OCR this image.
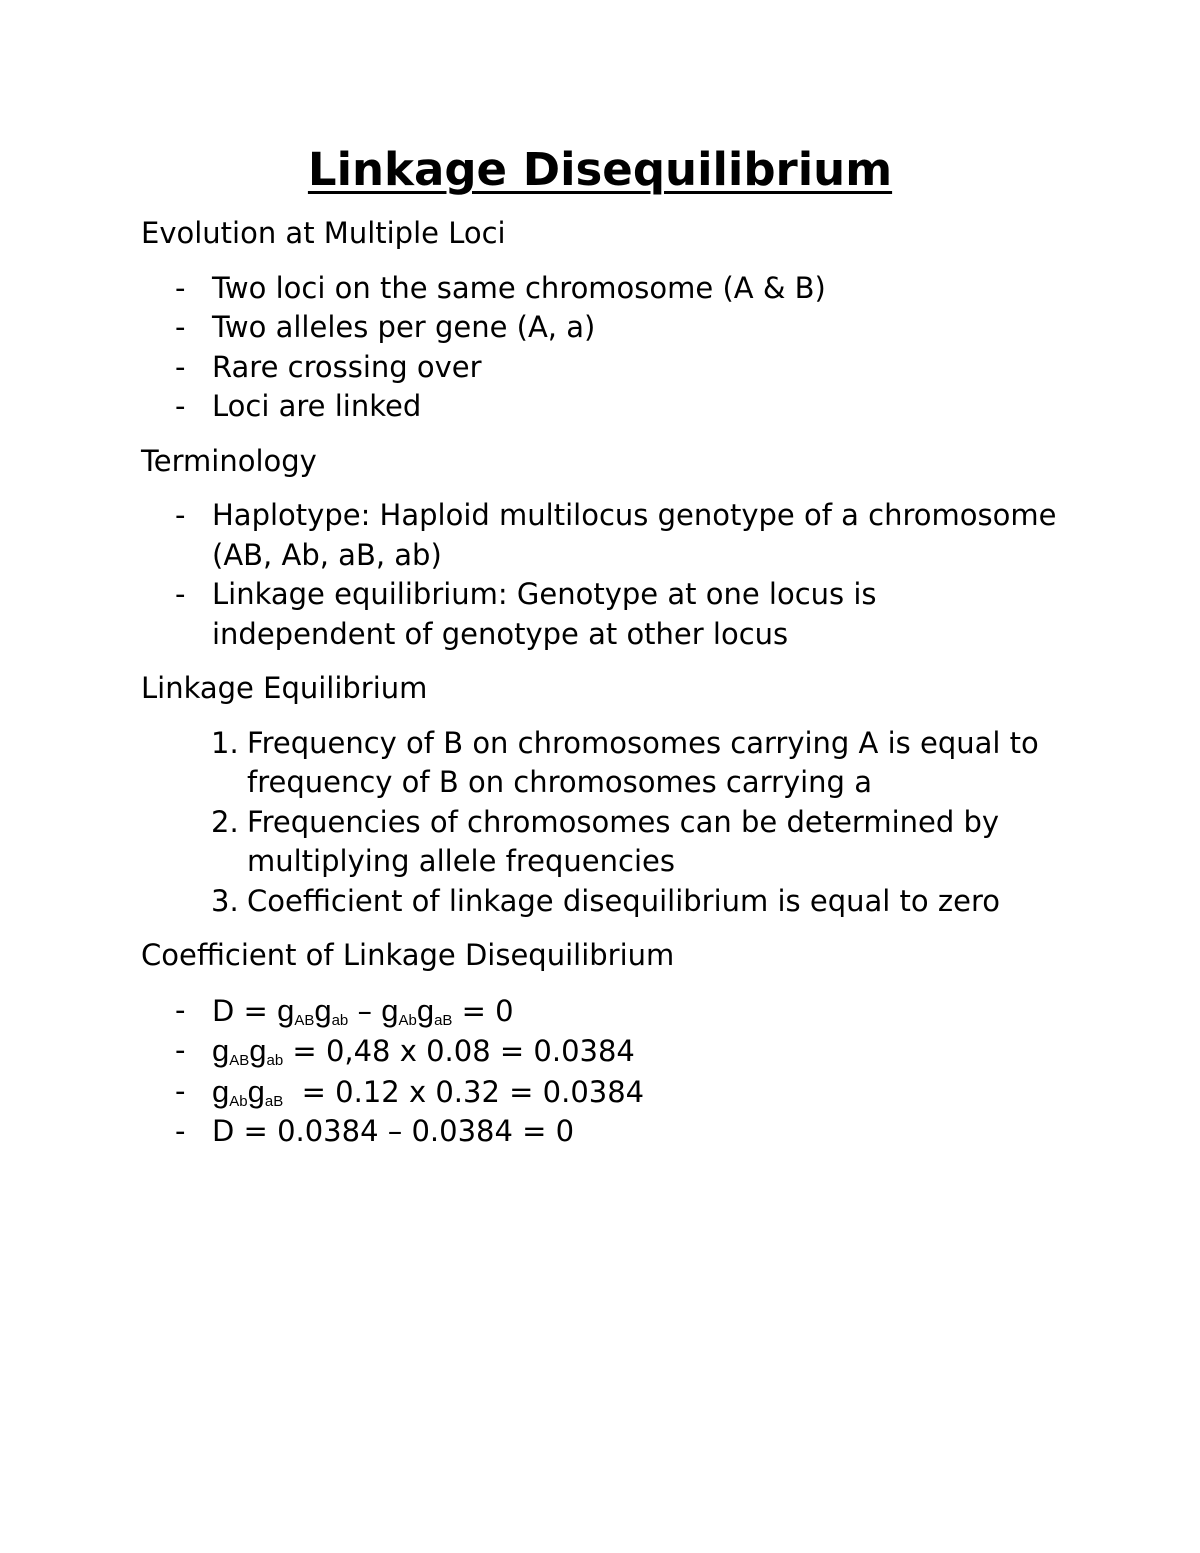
Linkage Disequilibrium

Evolution at Multiple Loci

- Two loci on the same chromosome (A & B)
- Two alleles per gene (A, a)
- Rare crossing over
- Loci are linked

Terminology

- Haplotype: Haploid multilocus genotype of a chromosome (AB, Ab, aB, ab)
- Linkage equilibrium: Genotype at one locus is independent of genotype at other locus

Linkage Equilibrium

1. Frequency of B on chromosomes carrying A is equal to frequency of B on chromosomes carrying a
2. Frequencies of chromosomes can be determined by multiplying allele frequencies
3. Coefficient of linkage disequilibrium is equal to zero

Coefficient of Linkage Disequilibrium

- $D = g_{AB}g_{ab} - g_{Ab}g_{aB} = 0$
- $g_{AB}g_{ab} = 0,48$ x 0.08 = 0.0384
- $g_{Ab}g_{aB} = 0.12$ x 0.32 = 0.0384
- D = 0.0384 – 0.0384 = 0
